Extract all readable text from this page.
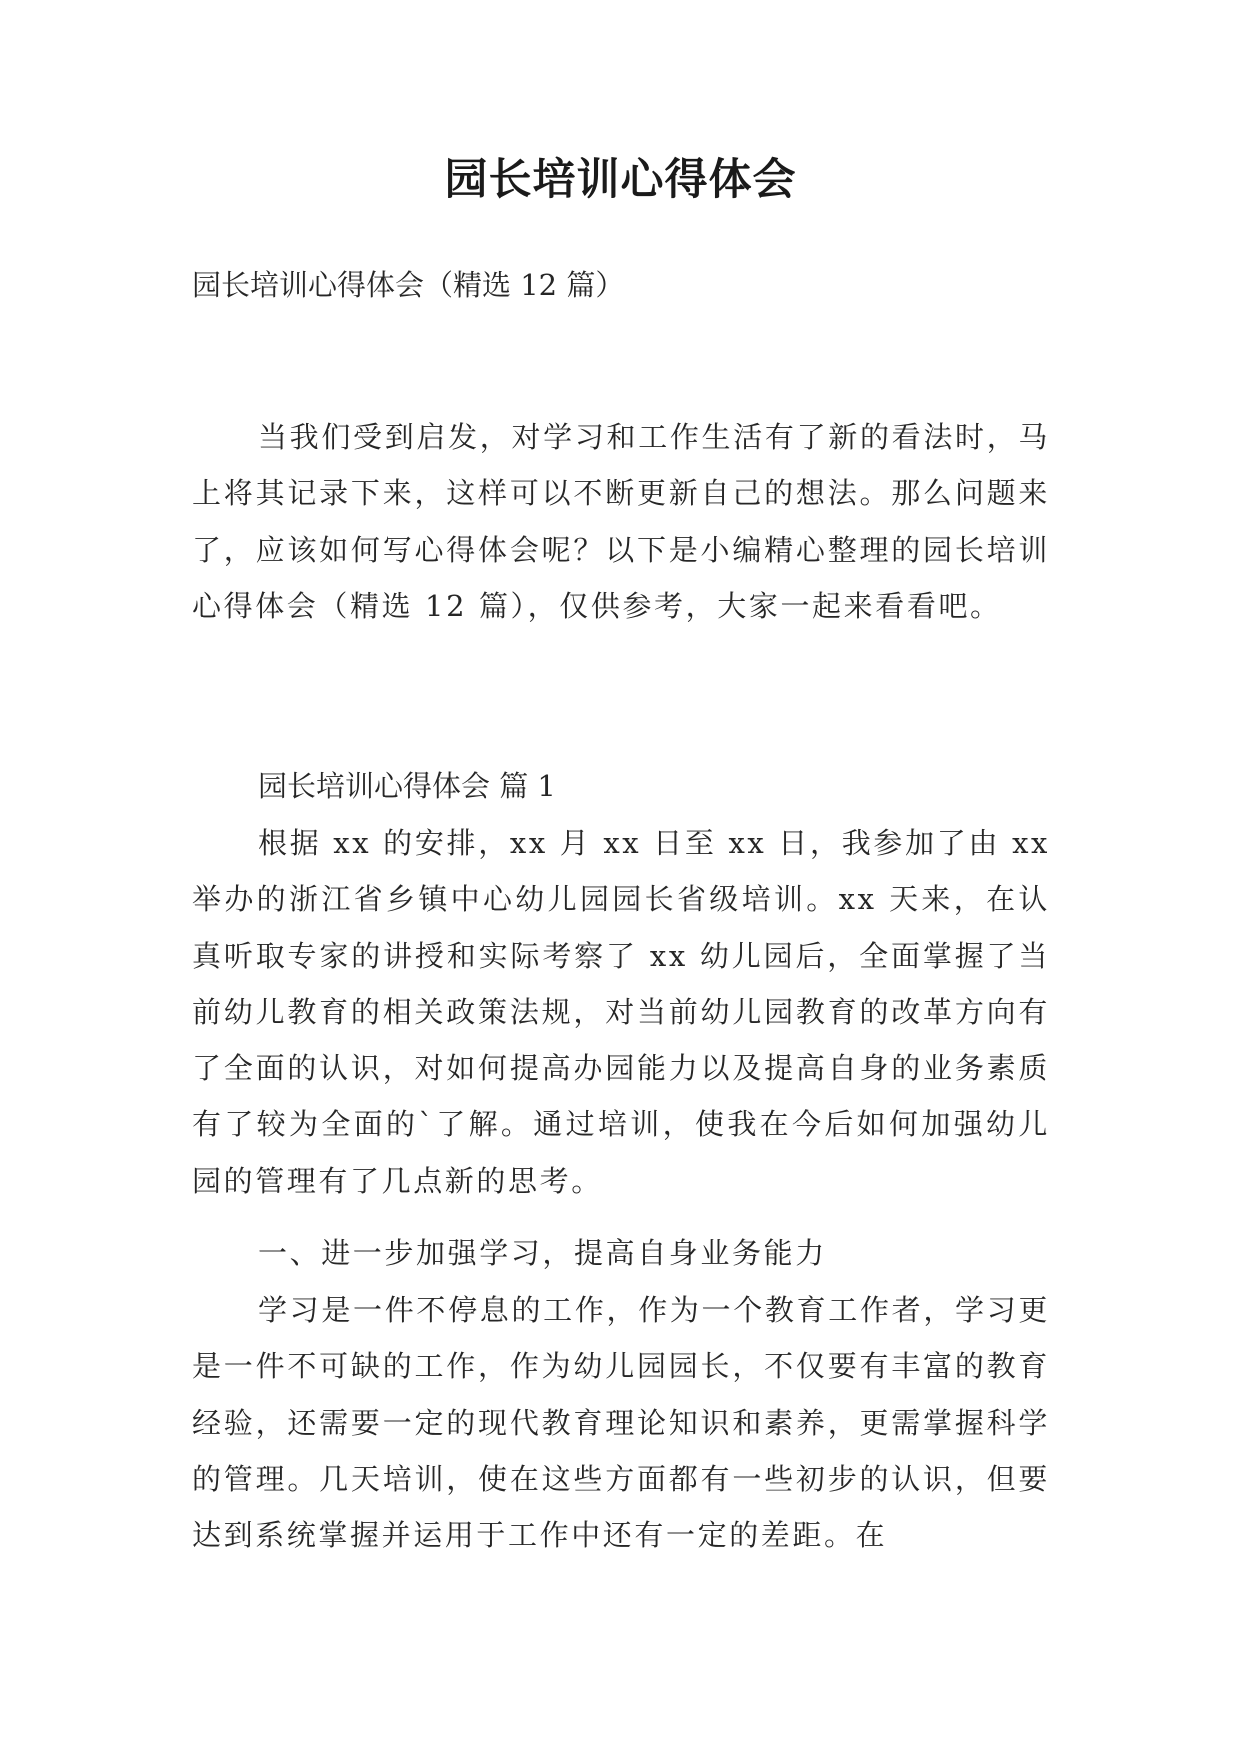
园长培训心得体会

园长培训心得体会（精选 12 篇）

当我们受到启发，对学习和工作生活有了新的看法时，马上将其记录下来，这样可以不断更新自己的想法。那么问题来了，应该如何写心得体会呢？以下是小编精心整理的园长培训心得体会（精选 12 篇），仅供参考，大家一起来看看吧。

园长培训心得体会 篇 1

根据 xx 的安排，xx 月 xx 日至 xx 日，我参加了由 xx 举办的浙江省乡镇中心幼儿园园长省级培训。xx 天来，在认真听取专家的讲授和实际考察了 xx 幼儿园后，全面掌握了当前幼儿教育的相关政策法规，对当前幼儿园教育的改革方向有了全面的认识，对如何提高办园能力以及提高自身的业务素质有了较为全面的`了解。通过培训，使我在今后如何加强幼儿园的管理有了几点新的思考。

一、进一步加强学习，提高自身业务能力

学习是一件不停息的工作，作为一个教育工作者，学习更是一件不可缺的工作，作为幼儿园园长，不仅要有丰富的教育经验，还需要一定的现代教育理论知识和素养，更需掌握科学的管理。几天培训，使在这些方面都有一些初步的认识，但要达到系统掌握并运用于工作中还有一定的差距。在
